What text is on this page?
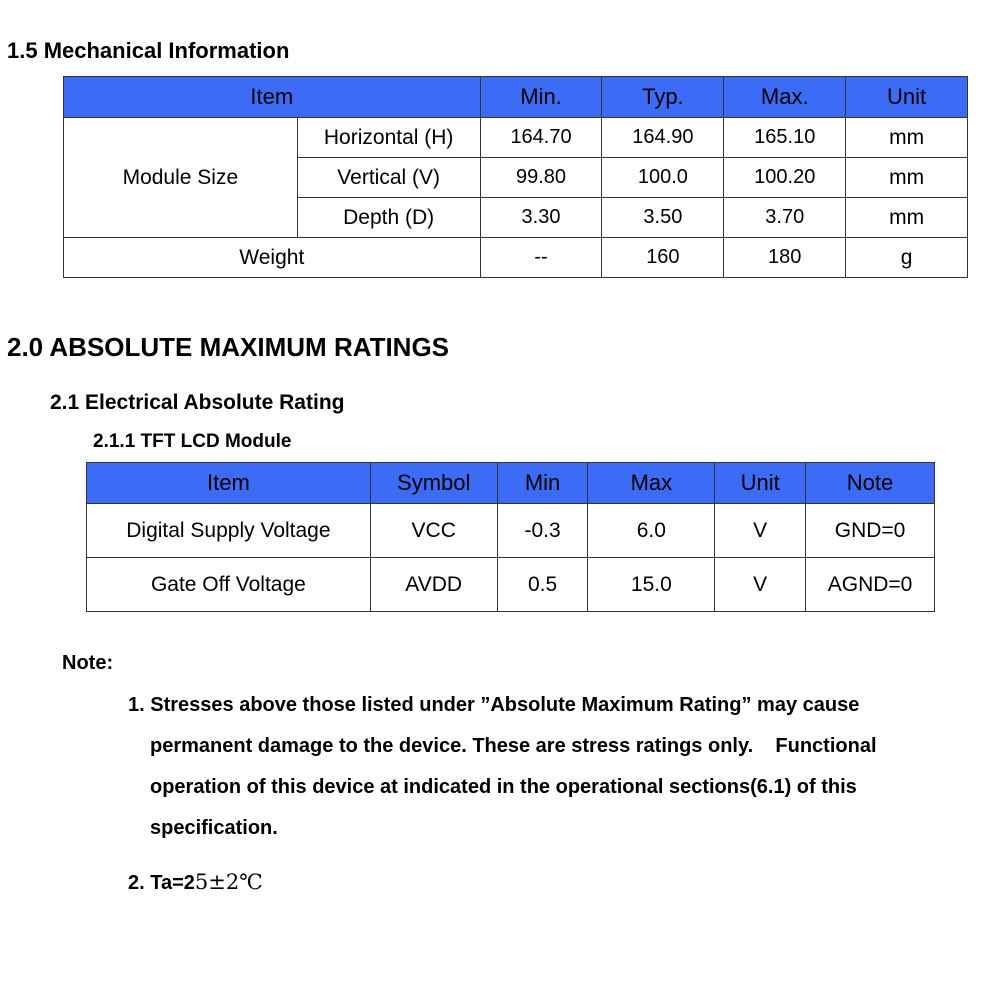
1.5 Mechanical Information
Item		Min.	Typ.	Max.	Unit
Module Size	Horizontal (H)	164.70	164.90	165.10	mm
	Vertical (V)	99.80	100.0	100.20	mm
	Depth (D)	3.30	3.50	3.70	mm
Weight		--	160	180	g
2.0 ABSOLUTE MAXIMUM RATINGS
2.1 Electrical Absolute Rating
2.1.1 TFT LCD Module
Item	Symbol	Min	Max	Unit	Note
Digital Supply Voltage	VCC	-0.3	6.0	V	GND=0
Gate Off Voltage	AVDD	0.5	15.0	V	AGND=0
Note:
1. Stresses above those listed under ”Absolute Maximum Rating” may cause
permanent damage to the device. These are stress ratings only.    Functional
operation of this device at indicated in the operational sections(6.1) of this
specification.
2. Ta=25±2℃
